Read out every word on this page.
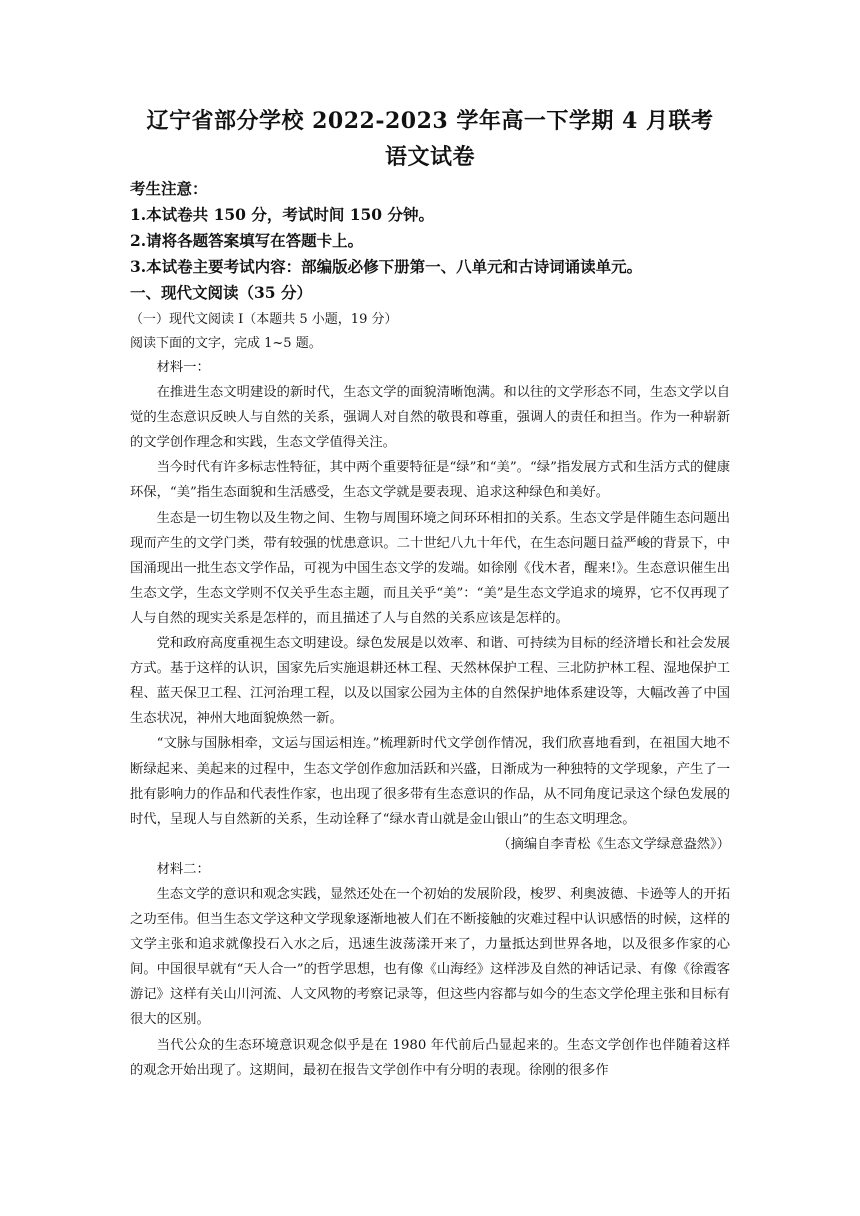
辽宁省部分学校 2022-2023 学年高一下学期 4 月联考
语文试卷
考生注意：
1.本试卷共 150 分，考试时间 150 分钟。
2.请将各题答案填写在答题卡上。
3.本试卷主要考试内容：部编版必修下册第一、八单元和古诗词诵读单元。
一、现代文阅读（35 分）
（一）现代文阅读 I（本题共 5 小题，19 分）
阅读下面的文字，完成 1~5 题。

材料一：

在推进生态文明建设的新时代，生态文学的面貌清晰饱满。和以往的文学形态不同，生态文学以自觉的生态意识反映人与自然的关系，强调人对自然的敬畏和尊重，强调人的责任和担当。作为一种崭新的文学创作理念和实践，生态文学值得关注。

当今时代有许多标志性特征，其中两个重要特征是“绿”和“美”。“绿”指发展方式和生活方式的健康环保，“美”指生态面貌和生活感受，生态文学就是要表现、追求这种绿色和美好。

生态是一切生物以及生物之间、生物与周围环境之间环环相扣的关系。生态文学是伴随生态问题出现而产生的文学门类，带有较强的忧患意识。二十世纪八九十年代，在生态问题日益严峻的背景下，中国涌现出一批生态文学作品，可视为中国生态文学的发端。如徐刚《伐木者，醒来!》。生态意识催生出生态文学，生态文学则不仅关乎生态主题，而且关乎“美”：“美”是生态文学追求的境界，它不仅再现了人与自然的现实关系是怎样的，而且描述了人与自然的关系应该是怎样的。

党和政府高度重视生态文明建设。绿色发展是以效率、和谐、可持续为目标的经济增长和社会发展方式。基于这样的认识，国家先后实施退耕还林工程、天然林保护工程、三北防护林工程、湿地保护工程、蓝天保卫工程、江河治理工程，以及以国家公园为主体的自然保护地体系建设等，大幅改善了中国生态状况，神州大地面貌焕然一新。

“文脉与国脉相牵，文运与国运相连。”梳理新时代文学创作情况，我们欣喜地看到，在祖国大地不断绿起来、美起来的过程中，生态文学创作愈加活跃和兴盛，日渐成为一种独特的文学现象，产生了一批有影响力的作品和代表性作家，也出现了很多带有生态意识的作品，从不同角度记录这个绿色发展的时代，呈现人与自然新的关系，生动诠释了“绿水青山就是金山银山”的生态文明理念。

（摘编自李青松《生态文学绿意盎然》）

材料二：

生态文学的意识和观念实践，显然还处在一个初始的发展阶段，梭罗、利奥波德、卡逊等人的开拓之功至伟。但当生态文学这种文学现象逐渐地被人们在不断接触的灾难过程中认识感悟的时候，这样的文学主张和追求就像投石入水之后，迅速生波荡漾开来了，力量抵达到世界各地，以及很多作家的心间。中国很早就有“天人合一”的哲学思想，也有像《山海经》这样涉及自然的神话记录、有像《徐霞客游记》这样有关山川河流、人文风物的考察记录等，但这些内容都与如今的生态文学伦理主张和目标有很大的区别。

当代公众的生态环境意识观念似乎是在 1980 年代前后凸显起来的。生态文学创作也伴随着这样的观念开始出现了。这期间，最初在报告文学创作中有分明的表现。徐刚的很多作
